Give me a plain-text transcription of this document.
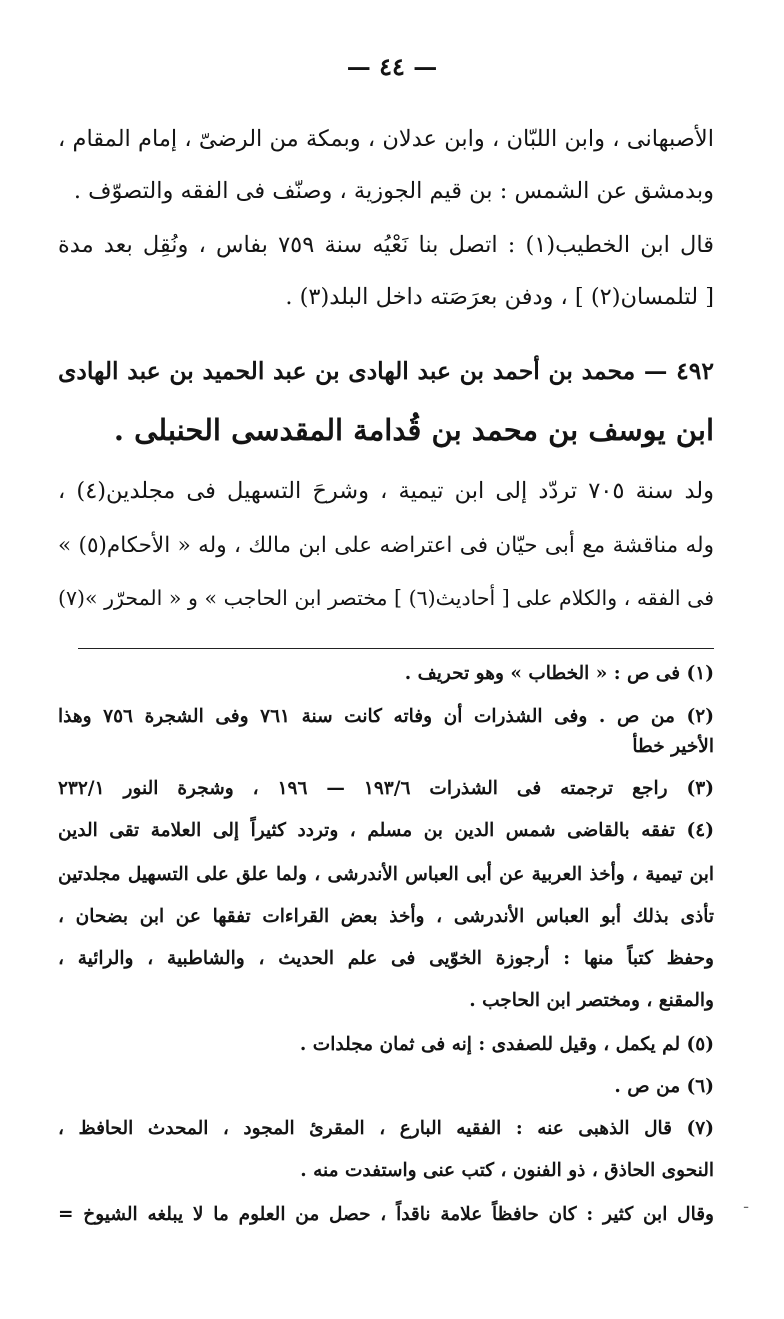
— ٤٤ —
الأصبهانى ، وابن اللبّان ، وابن عدلان ، وبمكة من الرضىّ ، إمام المقام ،
وبدمشق عن الشمس : بن قيم الجوزية ، وصنّف فى الفقه والتصوّف .
قال ابن الخطيب(١) : اتصل بنا نَعْيُه سنة ٧٥٩ بفاس ، ونُقِل بعد مدة
[ لتلمسان(٢) ] ، ودفن بعرَصَته داخل البلد(٣) .
٤٩٢ — محمد بن أحمد بن عبد الهادى بن عبد الحميد بن عبد الهادى
ابن يوسف بن محمد بن قُدامة المقدسى الحنبلى .
ولد سنة ٧٠٥ تردّد إلى ابن تيمية ، وشرحَ التسهيل فى مجلدين(٤) ،
وله مناقشة مع أبى حيّان فى اعتراضه على ابن مالك ، وله « الأحكام(٥) »
فى الفقه ، والكلام على [ أحاديث(٦) ] مختصر ابن الحاجب » و « المحرّر »(٧)
(١) فى ص : « الخطاب » وهو تحريف .
(٢) من ص . وفى الشذرات أن وفاته كانت سنة ٧٦١ وفى الشجرة ٧٥٦ وهذا
الأخير خطأ
(٣) راجع ترجمته فى الشذرات ١٩٣/٦ — ١٩٦ ، وشجرة النور ٢٣٢/١
(٤) تفقه بالقاضى شمس الدين بن مسلم ، وتردد كثيراً إلى العلامة تقى الدين
ابن تيمية ، وأخذ العربية عن أبى العباس الأندرشى ، ولما علق على التسهيل مجلدتين
تأذى بذلك أبو العباس الأندرشى ، وأخذ بعض القراءات تفقها عن ابن بضحان ،
وحفظ كتباً منها : أرجوزة الخوّيى فى علم الحديث ، والشاطبية ، والرائية ،
والمقنع ، ومختصر ابن الحاجب .
(٥) لم يكمل ، وقيل للصفدى : إنه فى ثمان مجلدات .
(٦) من ص .
(٧) قال الذهبى عنه : الفقيه البارع ، المقرئ المجود ، المحدث الحافظ ،
النحوى الحاذق ، ذو الفنون ، كتب عنى واستفدت منه .
وقال ابن كثير : كان حافظاً علامة ناقداً ، حصل من العلوم ما لا يبلغه الشيوخ = ـ
